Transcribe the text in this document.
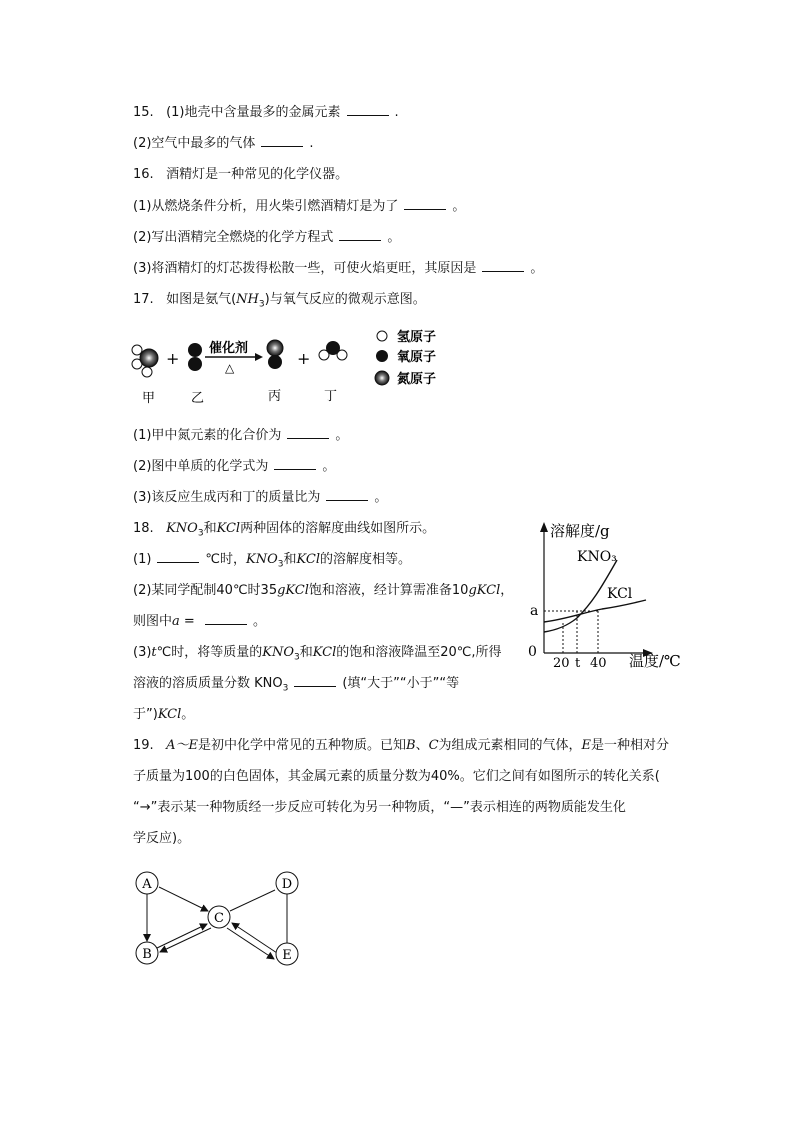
15. (1)地壳中含量最多的金属元素	.
(2)空气中最多的气体	.
16. 酒精灯是一种常见的化学仪器。
(1)从燃烧条件分析，用火柴引燃酒精灯是为了	。
(2)写出酒精完全燃烧的化学方程式	。
(3)将酒精灯的灯芯拨得松散一些，可使火焰更旺，其原因是	。
17. 如图是氨气$(NH_3)$与氧气反应的微观示意图。
+
催化剂
△	+
甲	乙	丙	丁
氢原子
氧原子
氮原子
(1)甲中氮元素的化合价为	。
(2)图中单质的化学式为	。
(3)该反应生成丙和丁的质量比为	。
18. $KNO_3$和KCl两种固体的溶解度曲线如图所示。
(1)	℃时，$KNO_3$和KCl的溶解度相等。
(2)某同学配制40℃时35gKCl饱和溶液，经计算需准备10gKCl，
则图中a =	。
(3)t℃时，将等质量的$KNO_3$和KCl的饱和溶液降温至20℃,所得
溶液的溶质质量分数 $KNO_3$	(填“大于”“小于”“等
于”)KCl。
溶解度/g
温度/℃
KNO₃
KCl
a
0
20 t 40
19. A～E是初中化学中常见的五种物质。已知B、C为组成元素相同的气体，E是一种相对分
子质量为100的白色固体，其金属元素的质量分数为40%。它们之间有如图所示的转化关系(
“→”表示某一种物质经一步反应可转化为另一种物质，“—”表示相连的两物质能发生化
学反应)。
A
B
C
D
E
